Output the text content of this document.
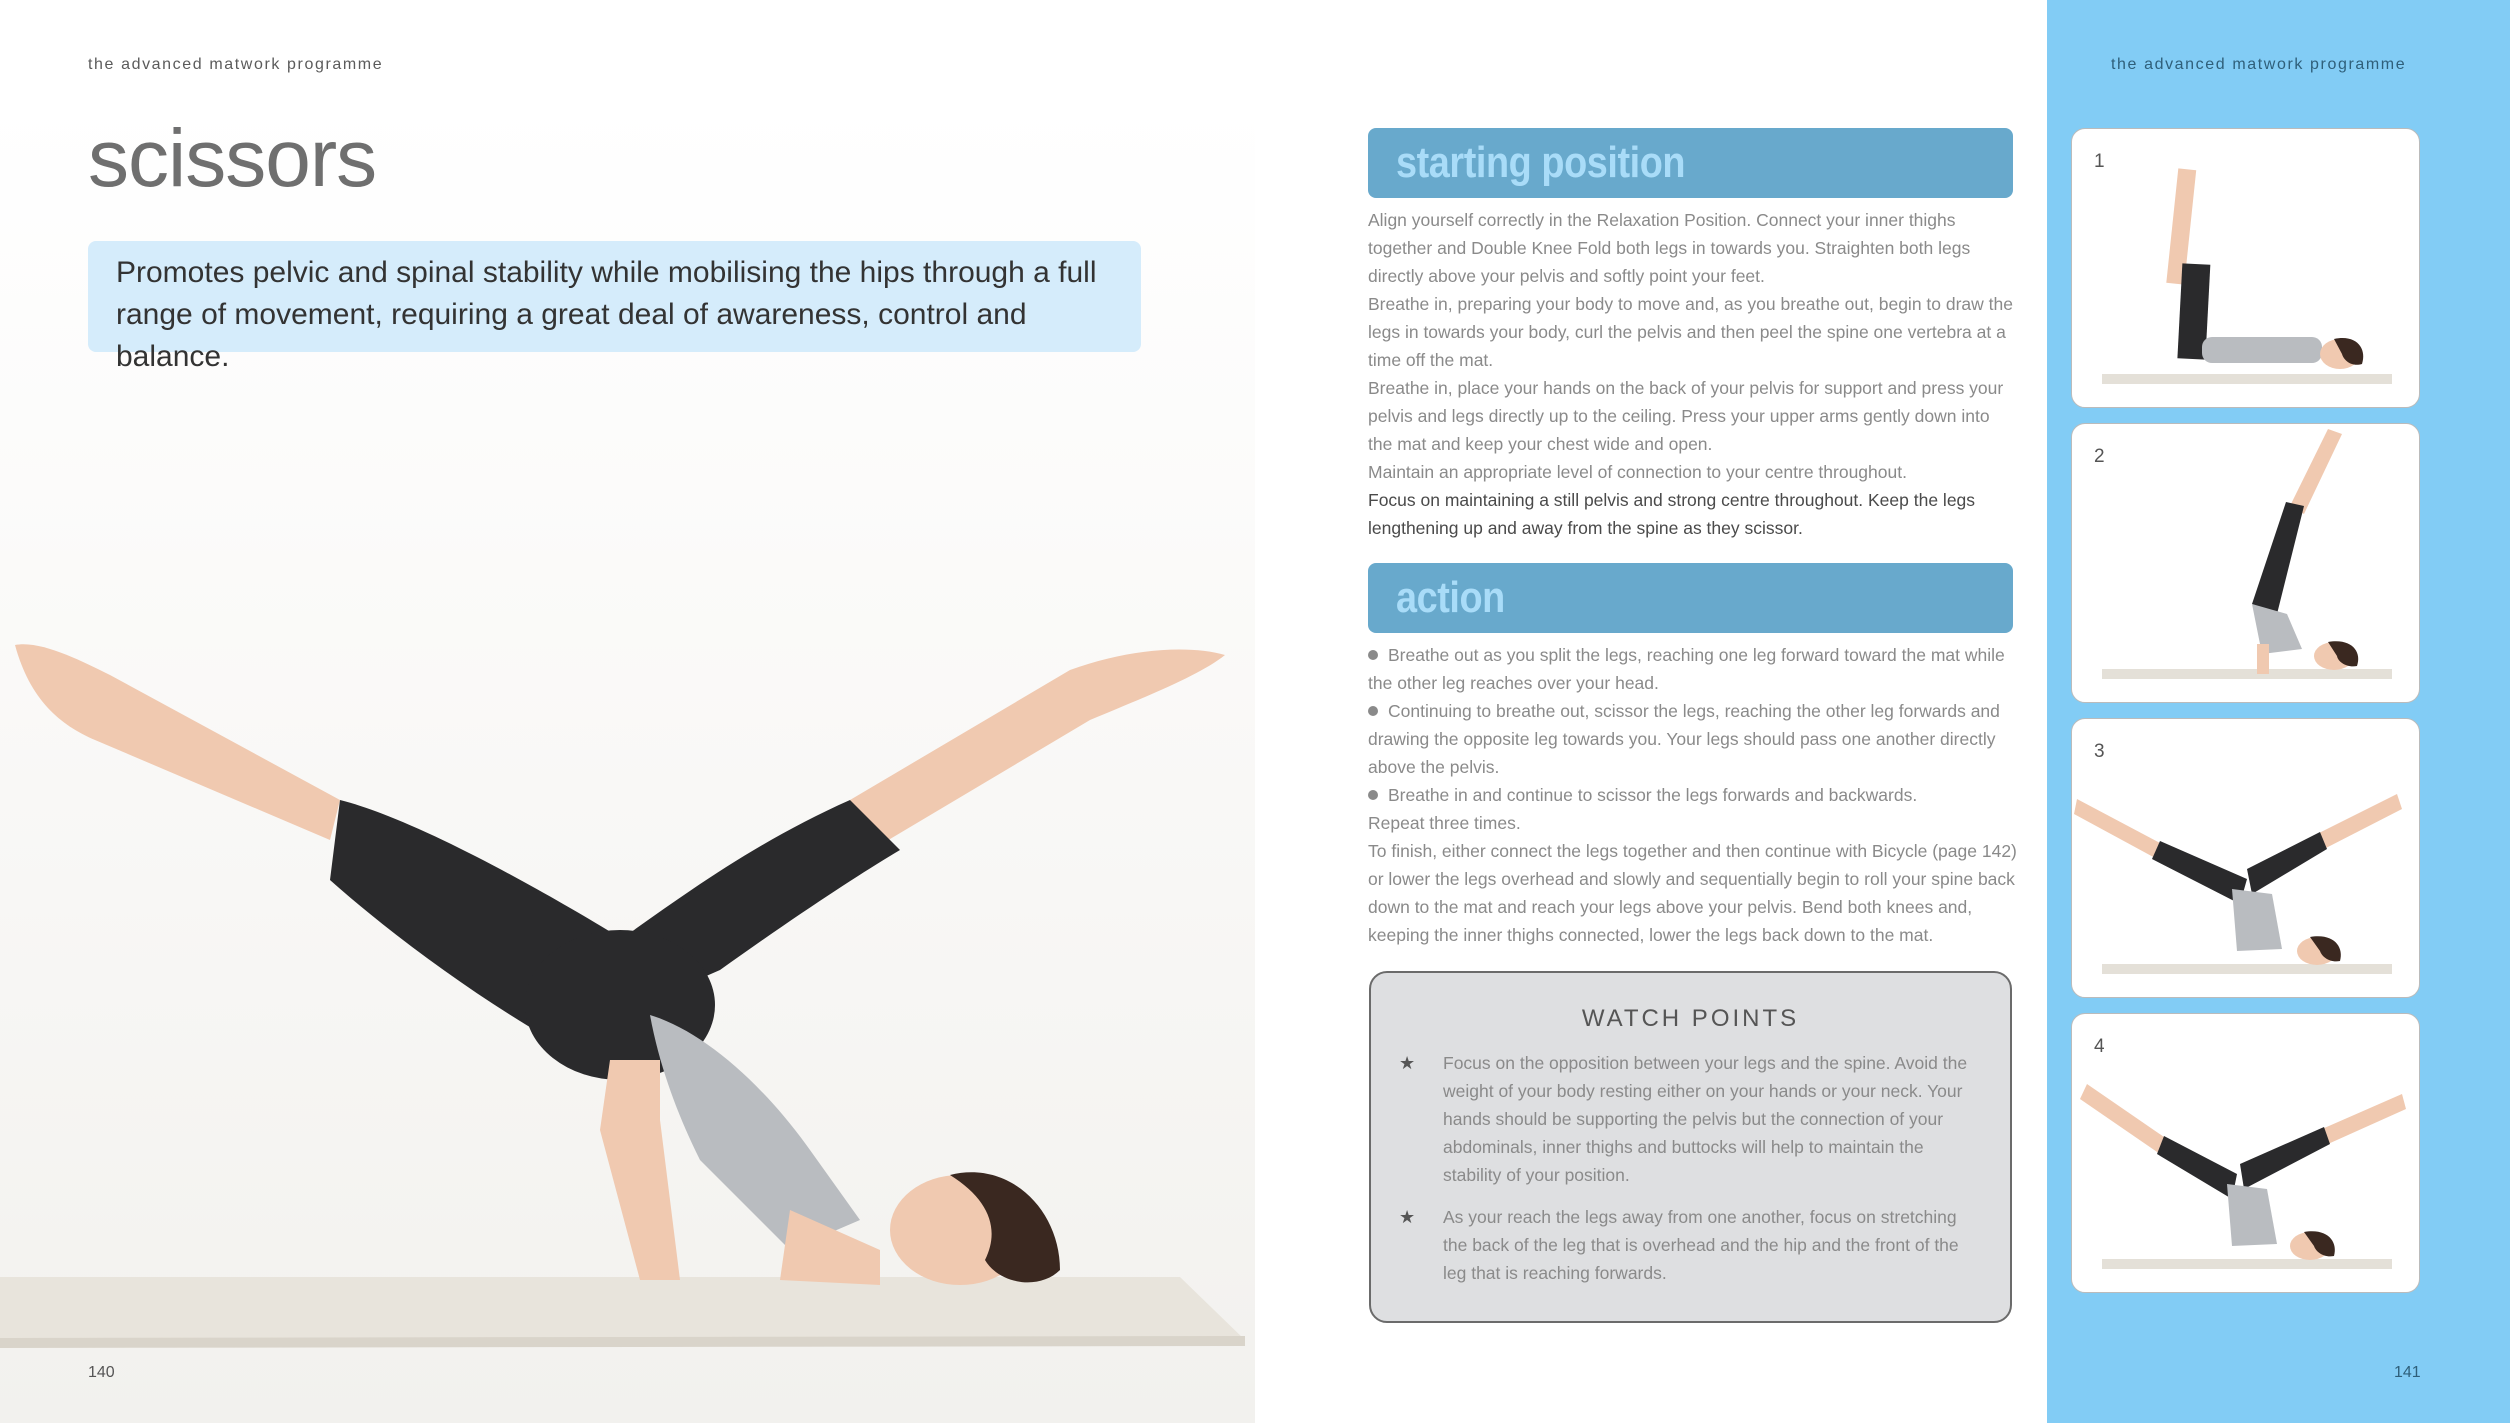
the advanced matwork programme
scissors
Promotes pelvic and spinal stability while mobilising the hips through a full range of movement, requiring a great deal of awareness, control and balance.
140
starting position

Align yourself correctly in the Relaxation Position. Connect your inner thighs together and Double Knee Fold both legs in towards you. Straighten both legs directly above your pelvis and softly point your feet.

Breathe in, preparing your body to move and, as you breathe out, begin to draw the legs in towards your body, curl the pelvis and then peel the spine one vertebra at a time off the mat.

Breathe in, place your hands on the back of your pelvis for support and press your pelvis and legs directly up to the ceiling. Press your upper arms gently down into the mat and keep your chest wide and open.

Maintain an appropriate level of connection to your centre throughout.

Focus on maintaining a still pelvis and strong centre throughout. Keep the legs lengthening up and away from the spine as they scissor.

action

Breathe out as you split the legs, reaching one leg forward toward the mat while the other leg reaches over your head.

Continuing to breathe out, scissor the legs, reaching the other leg forwards and drawing the opposite leg towards you. Your legs should pass one another directly above the pelvis.

Breathe in and continue to scissor the legs forwards and backwards.

Repeat three times.

To finish, either connect the legs together and then continue with Bicycle (page 142) or lower the legs overhead and slowly and sequentially begin to roll your spine back down to the mat and reach your legs above your pelvis. Bend both knees and, keeping the inner thighs connected, lower the legs back down to the mat.

WATCH POINTS
★ Focus on the opposition between your legs and the spine. Avoid the weight of your body resting either on your hands or your neck. Your hands should be supporting the pelvis but the connection of your abdominals, inner thighs and buttocks will help to maintain the stability of your position.
★ As your reach the legs away from one another, focus on stretching the back of the leg that is overhead and the hip and the front of the leg that is reaching forwards.
the advanced matwork programme
1
2
3
4
141
